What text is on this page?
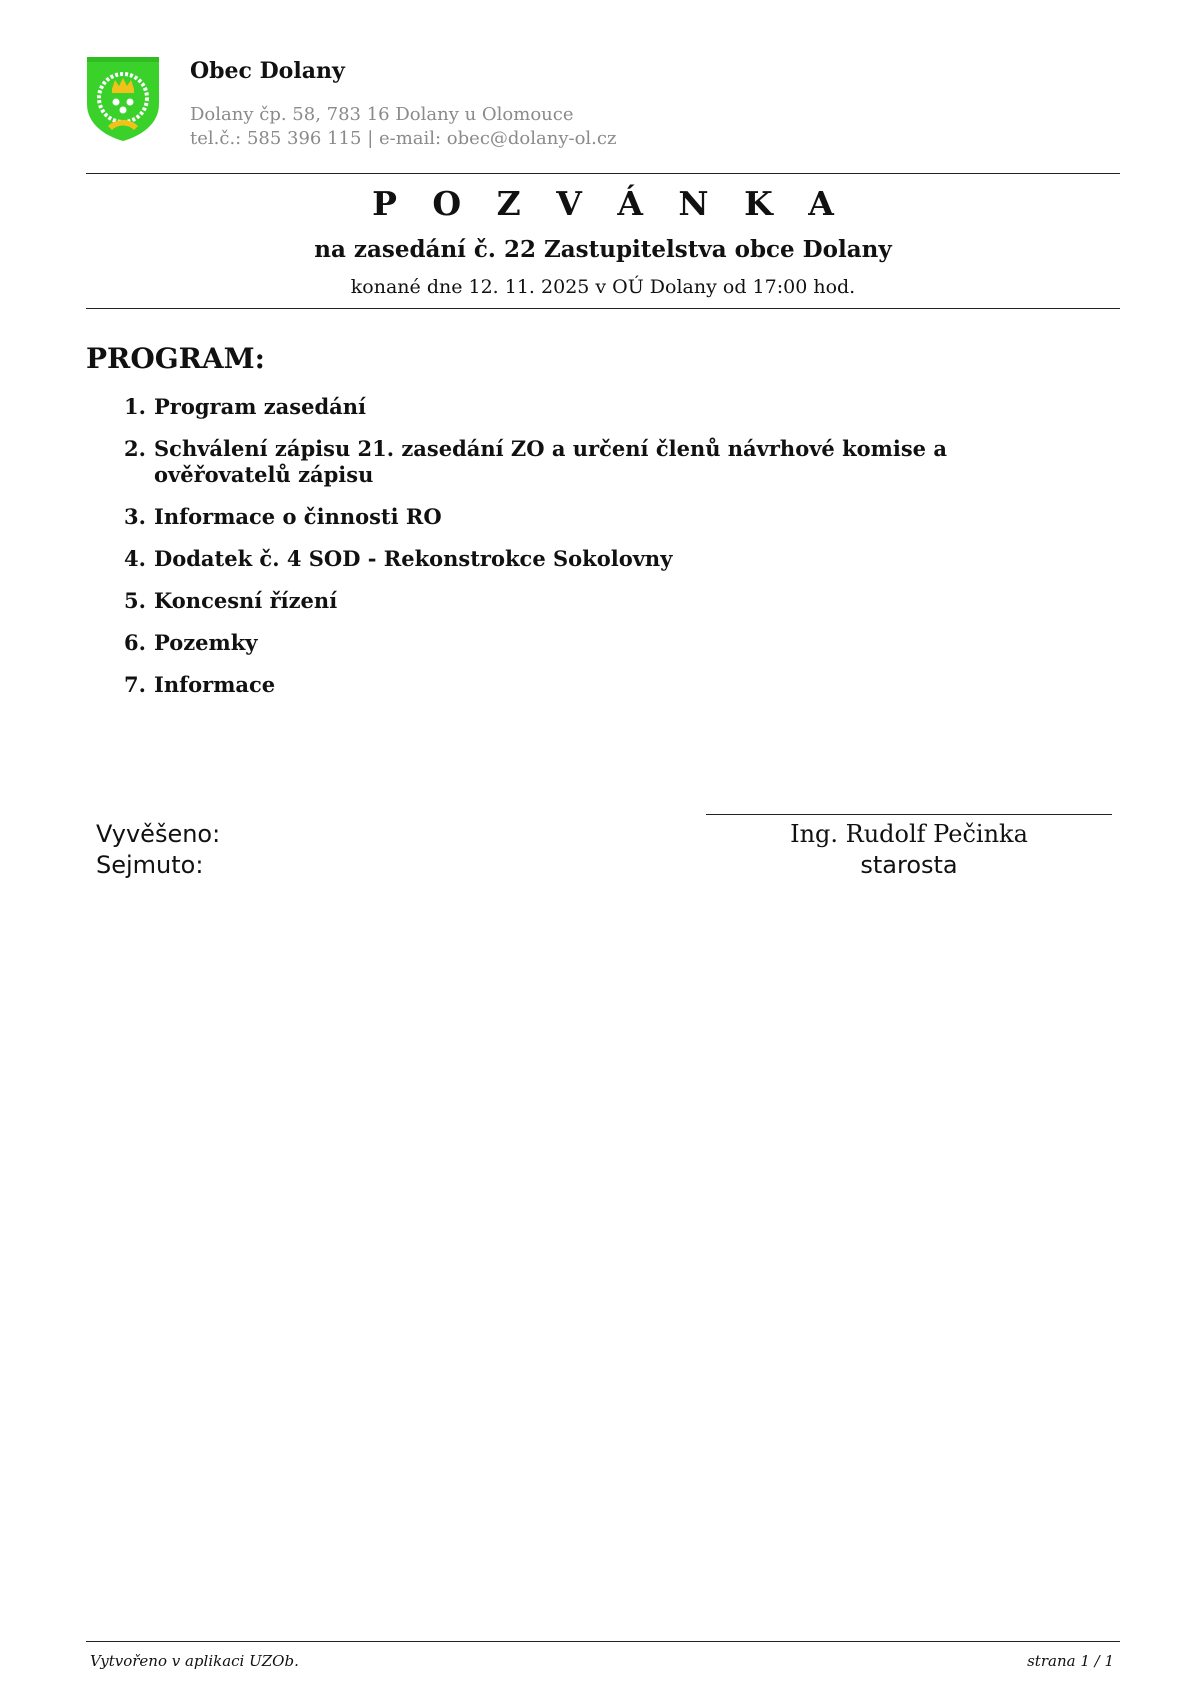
Obec Dolany
Dolany čp. 58, 783 16 Dolany u Olomouce
tel.č.: 585 396 115 | e-mail: obec@dolany-ol.cz
P O Z V Á N K A
na zasedání č. 22 Zastupitelstva obce Dolany
konané dne 12. 11. 2025 v OÚ Dolany od 17:00 hod.
PROGRAM:
1. Program zasedání
2. Schválení zápisu 21. zasedání ZO a určení členů návrhové komise a ověřovatelů zápisu
3. Informace o činnosti RO
4. Dodatek č. 4 SOD - Rekonstrokce Sokolovny
5. Koncesní řízení
6. Pozemky
7. Informace
Vyvěšeno:
Sejmuto:
Ing. Rudolf Pečinka
starosta
Vytvořeno v aplikaci UZOb.	strana 1 / 1
